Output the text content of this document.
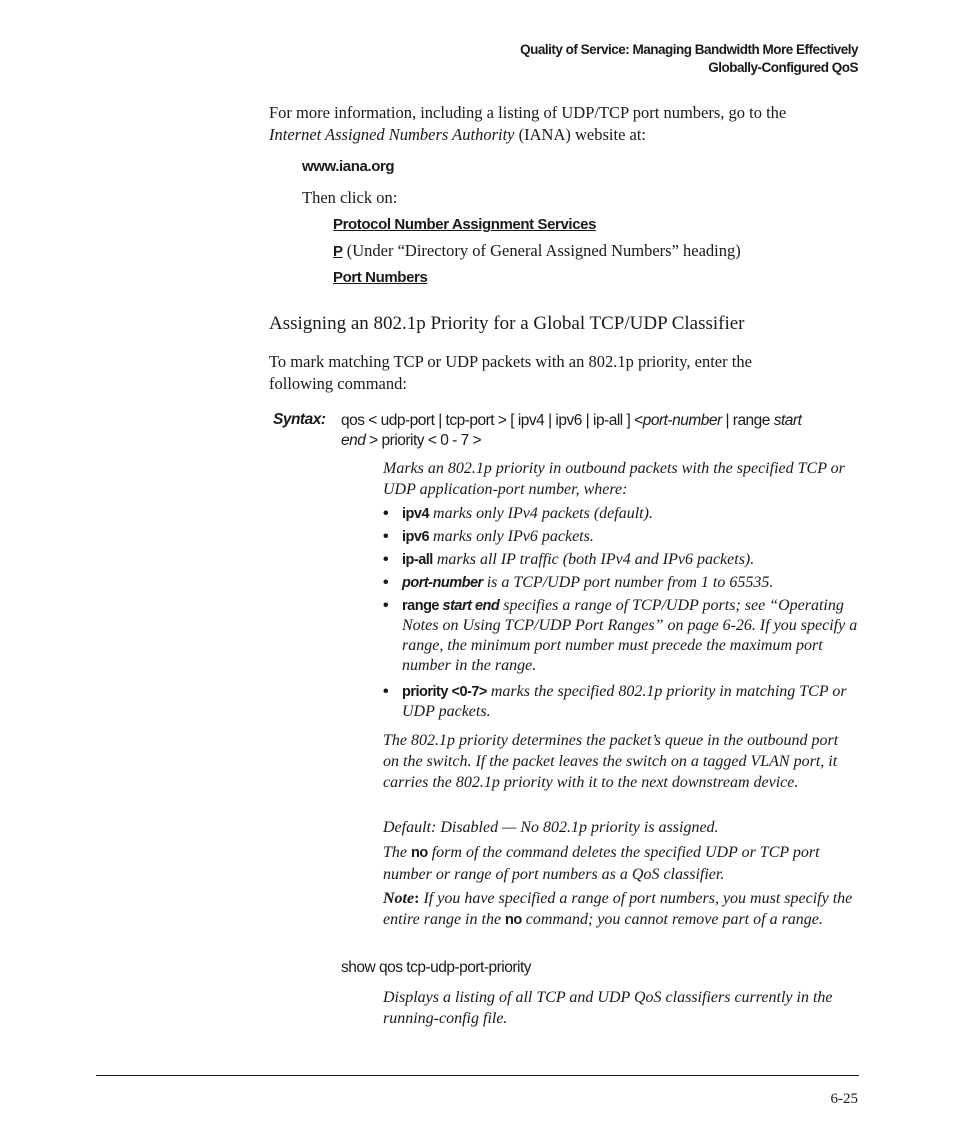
Quality of Service: Managing Bandwidth More Effectively
Globally-Configured QoS
For more information, including a listing of UDP/TCP port numbers, go to the
Internet Assigned Numbers Authority (IANA) website at:
www.iana.org
Then click on:
Protocol Number Assignment Services
P (Under “Directory of General Assigned Numbers” heading)
Port Numbers
Assigning an 802.1p Priority for a Global TCP/UDP Classifier
To mark matching TCP or UDP packets with an 802.1p priority, enter the
following command:
Syntax: qos < udp-port | tcp-port > [ ipv4 | ipv6 | ip-all ] <port-number | range start
end > priority < 0 - 7 >
Marks an 802.1p priority in outbound packets with the specified TCP or UDP application-port number, where:
• ipv4 marks only IPv4 packets (default).
• ipv6 marks only IPv6 packets.
• ip-all marks all IP traffic (both IPv4 and IPv6 packets).
• port-number is a TCP/UDP port number from 1 to 65535.
• range start end specifies a range of TCP/UDP ports; see “Operating Notes on Using TCP/UDP Port Ranges” on page 6-26. If you specify a range, the minimum port number must precede the maximum port number in the range.
• priority <0-7> marks the specified 802.1p priority in matching TCP or UDP packets.
The 802.1p priority determines the packet’s queue in the outbound port on the switch. If the packet leaves the switch on a tagged VLAN port, it carries the 802.1p priority with it to the next downstream device.
Default: Disabled — No 802.1p priority is assigned.
The no form of the command deletes the specified UDP or TCP port number or range of port numbers as a QoS classifier.
Note: If you have specified a range of port numbers, you must specify the entire range in the no command; you cannot remove part of a range.
show qos tcp-udp-port-priority
Displays a listing of all TCP and UDP QoS classifiers currently in the running-config file.
6-25
